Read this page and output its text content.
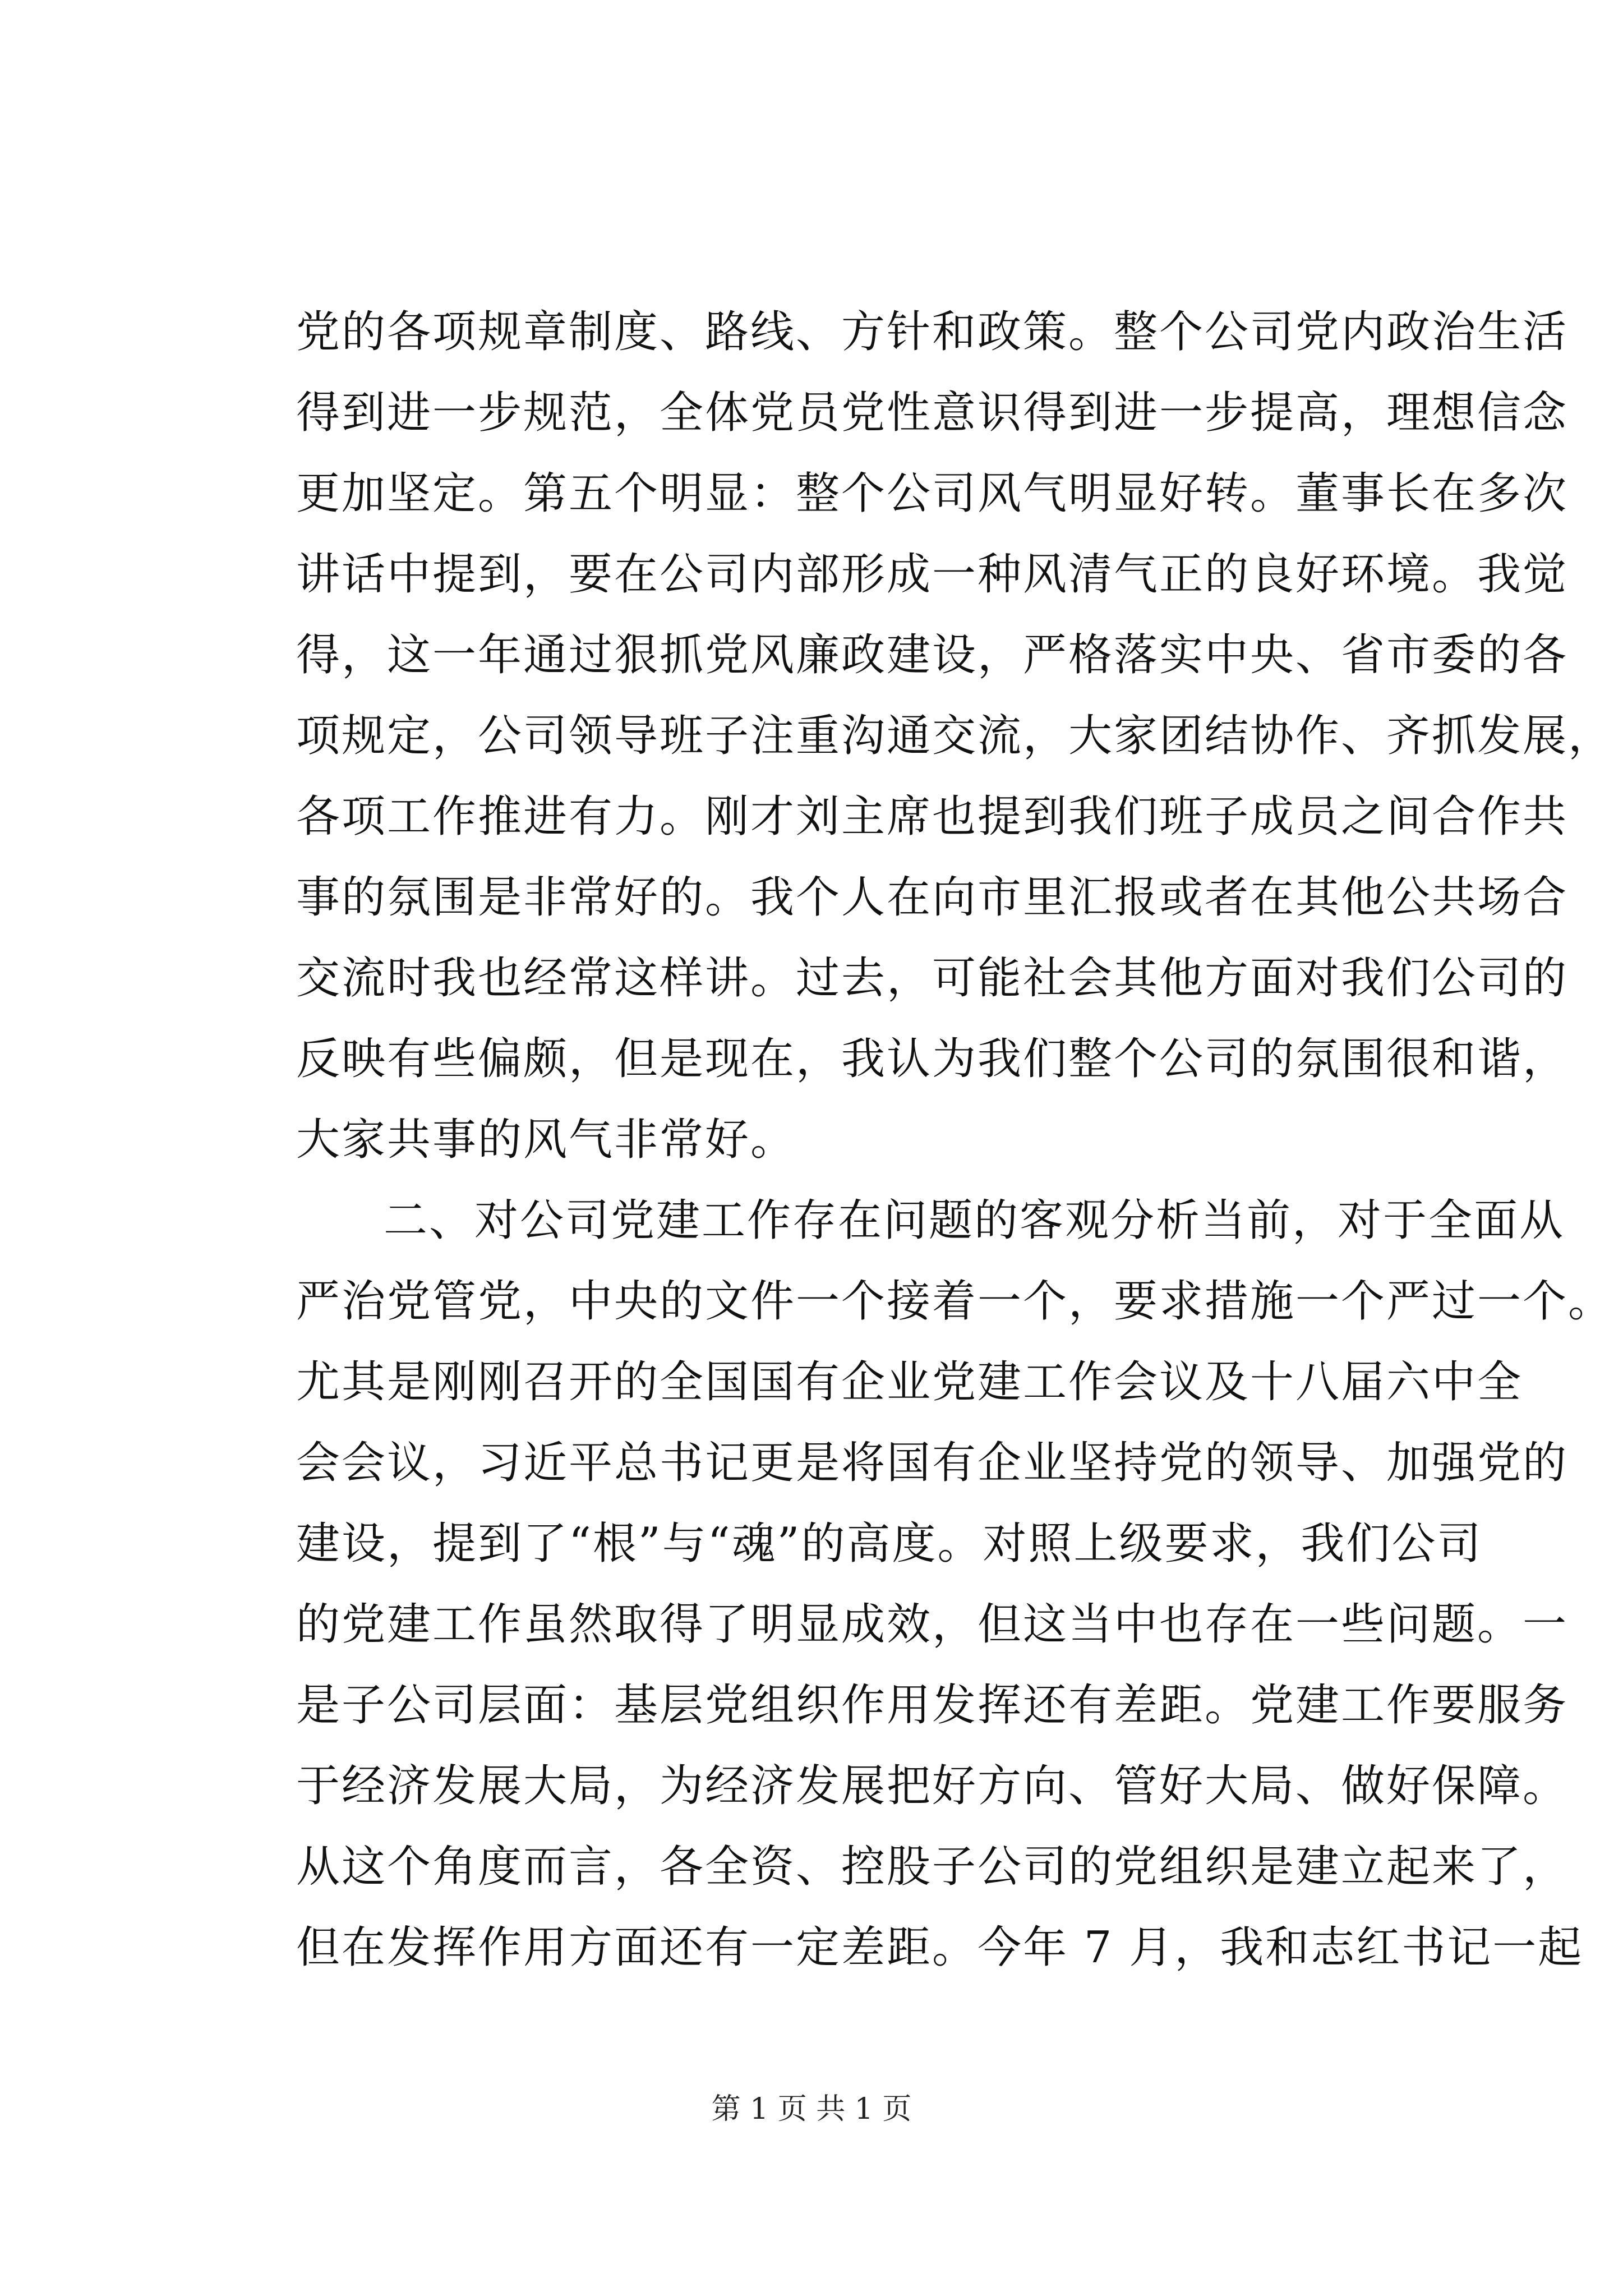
党的各项规章制度、路线、方针和政策。整个公司党内政治生活
得到进一步规范，全体党员党性意识得到进一步提高，理想信念
更加坚定。第五个明显：整个公司风气明显好转。董事长在多次
讲话中提到，要在公司内部形成一种风清气正的良好环境。我觉
得，这一年通过狠抓党风廉政建设，严格落实中央、省市委的各
项规定，公司领导班子注重沟通交流，大家团结协作、齐抓发展，
各项工作推进有力。刚才刘主席也提到我们班子成员之间合作共
事的氛围是非常好的。我个人在向市里汇报或者在其他公共场合
交流时我也经常这样讲。过去，可能社会其他方面对我们公司的
反映有些偏颇，但是现在，我认为我们整个公司的氛围很和谐，
大家共事的风气非常好。
二、对公司党建工作存在问题的客观分析当前，对于全面从
严治党管党，中央的文件一个接着一个，要求措施一个严过一个。
尤其是刚刚召开的全国国有企业党建工作会议及十八届六中全
会会议，习近平总书记更是将国有企业坚持党的领导、加强党的
建设，提到了“根”与“魂”的高度。对照上级要求，我们公司
的党建工作虽然取得了明显成效，但这当中也存在一些问题。一
是子公司层面：基层党组织作用发挥还有差距。党建工作要服务
于经济发展大局，为经济发展把好方向、管好大局、做好保障。
从这个角度而言，各全资、控股子公司的党组织是建立起来了，
但在发挥作用方面还有一定差距。今年 7 月，我和志红书记一起
第 1 页 共 1 页
